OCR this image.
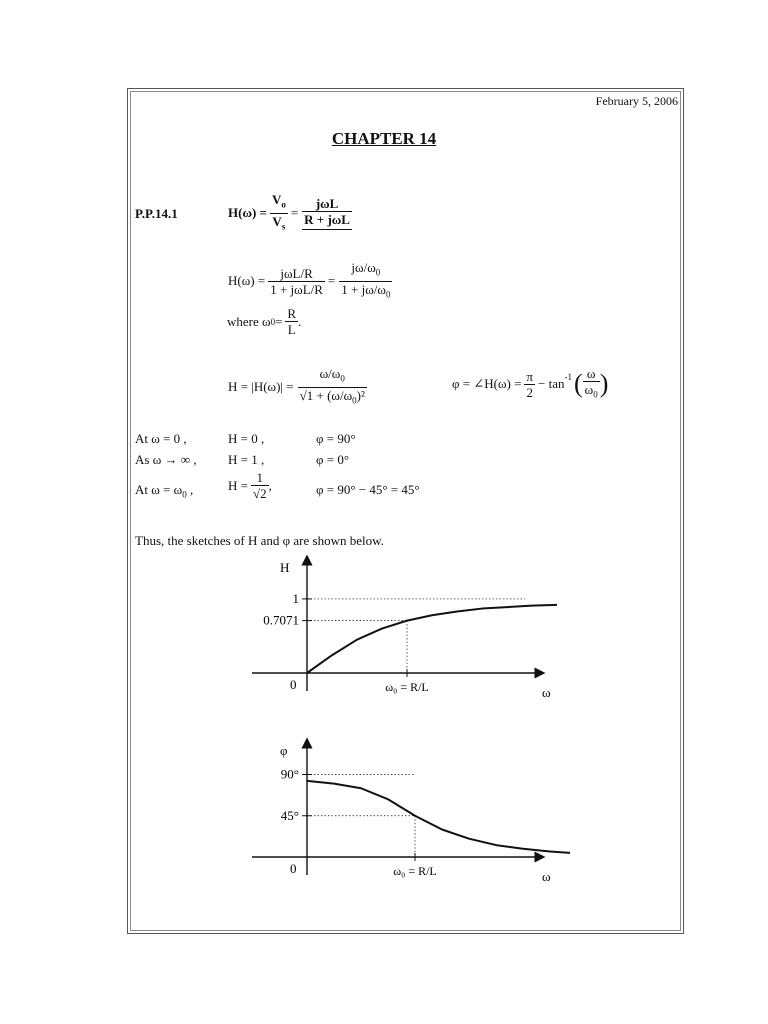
February 5, 2006
CHAPTER 14
P.P.14.1	$H(\omega) = \frac{V_o}{V_s} = \frac{\text{jωL}}{\text{R + jωL}}$
$H(\omega) = \frac{\text{jωL/R}}{\text{1 + jωL/R}} = \frac{j\omega/\omega_0}{1 + j\omega/\omega_0}$
where ω $0 = \frac{R}{L}$ .
$H = |H(\omega)| = \frac{\omega/\omega_0}{√1 + (\omega/\omega_0)^2}$	φ = ∠H(ω) = $\frac{\pi}{2} - \tan^{-1}$ ( $\frac{\omega}{\omega_0}$ )
At ω = 0 ,	H = 0 ,	φ = 90°
As ω → ∞ , H = 1 ,	φ = 0°
At $\omega = \omega_0$ ,	$H = \frac{1}{√2}$ ,	φ = 90° − 45° = 45°
Thus, the sketches of H and φ are shown below.
H
ω
0
1
0.7071
ω₀ = R/L
φ
ω
0
90°
45°
ω₀ = R/L
